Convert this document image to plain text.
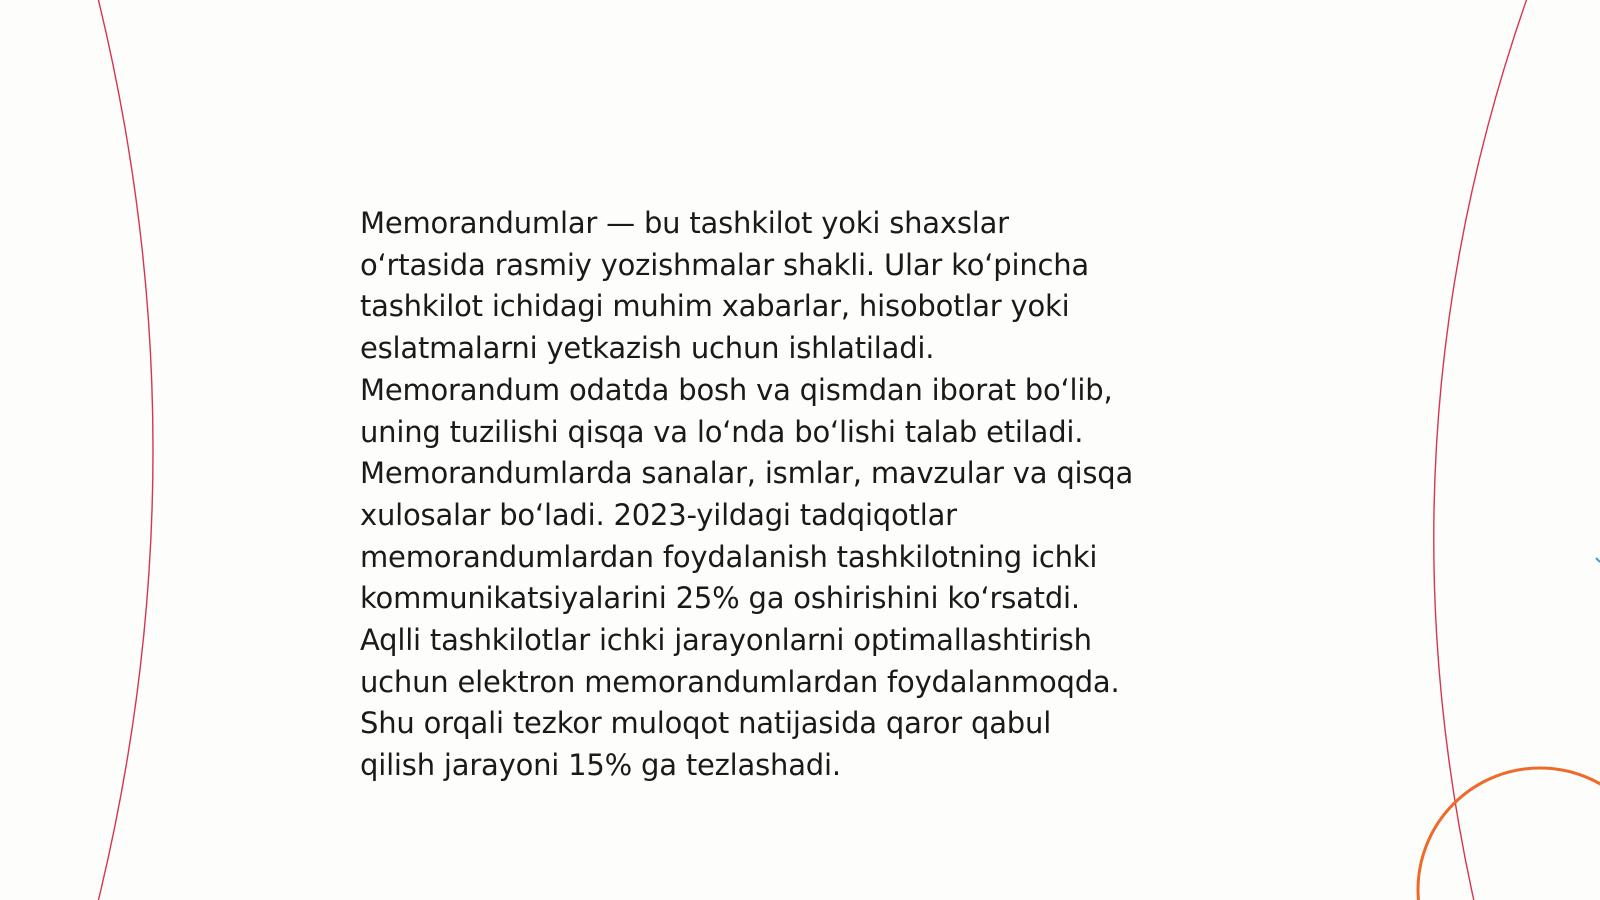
Memorandumlar — bu tashkilot yoki shaxslar
oʻrtasida rasmiy yozishmalar shakli. Ular koʻpincha
tashkilot ichidagi muhim xabarlar, hisobotlar yoki
eslatmalarni yetkazish uchun ishlatiladi.
Memorandum odatda bosh va qismdan iborat boʻlib,
uning tuzilishi qisqa va loʻnda boʻlishi talab etiladi.
Memorandumlarda sanalar, ismlar, mavzular va qisqa
xulosalar boʻladi. 2023-yildagi tadqiqotlar
memorandumlardan foydalanish tashkilotning ichki
kommunikatsiyalarini 25% ga oshirishini koʻrsatdi.
Aqlli tashkilotlar ichki jarayonlarni optimallashtirish
uchun elektron memorandumlardan foydalanmoqda.
Shu orqali tezkor muloqot natijasida qaror qabul
qilish jarayoni 15% ga tezlashadi.
